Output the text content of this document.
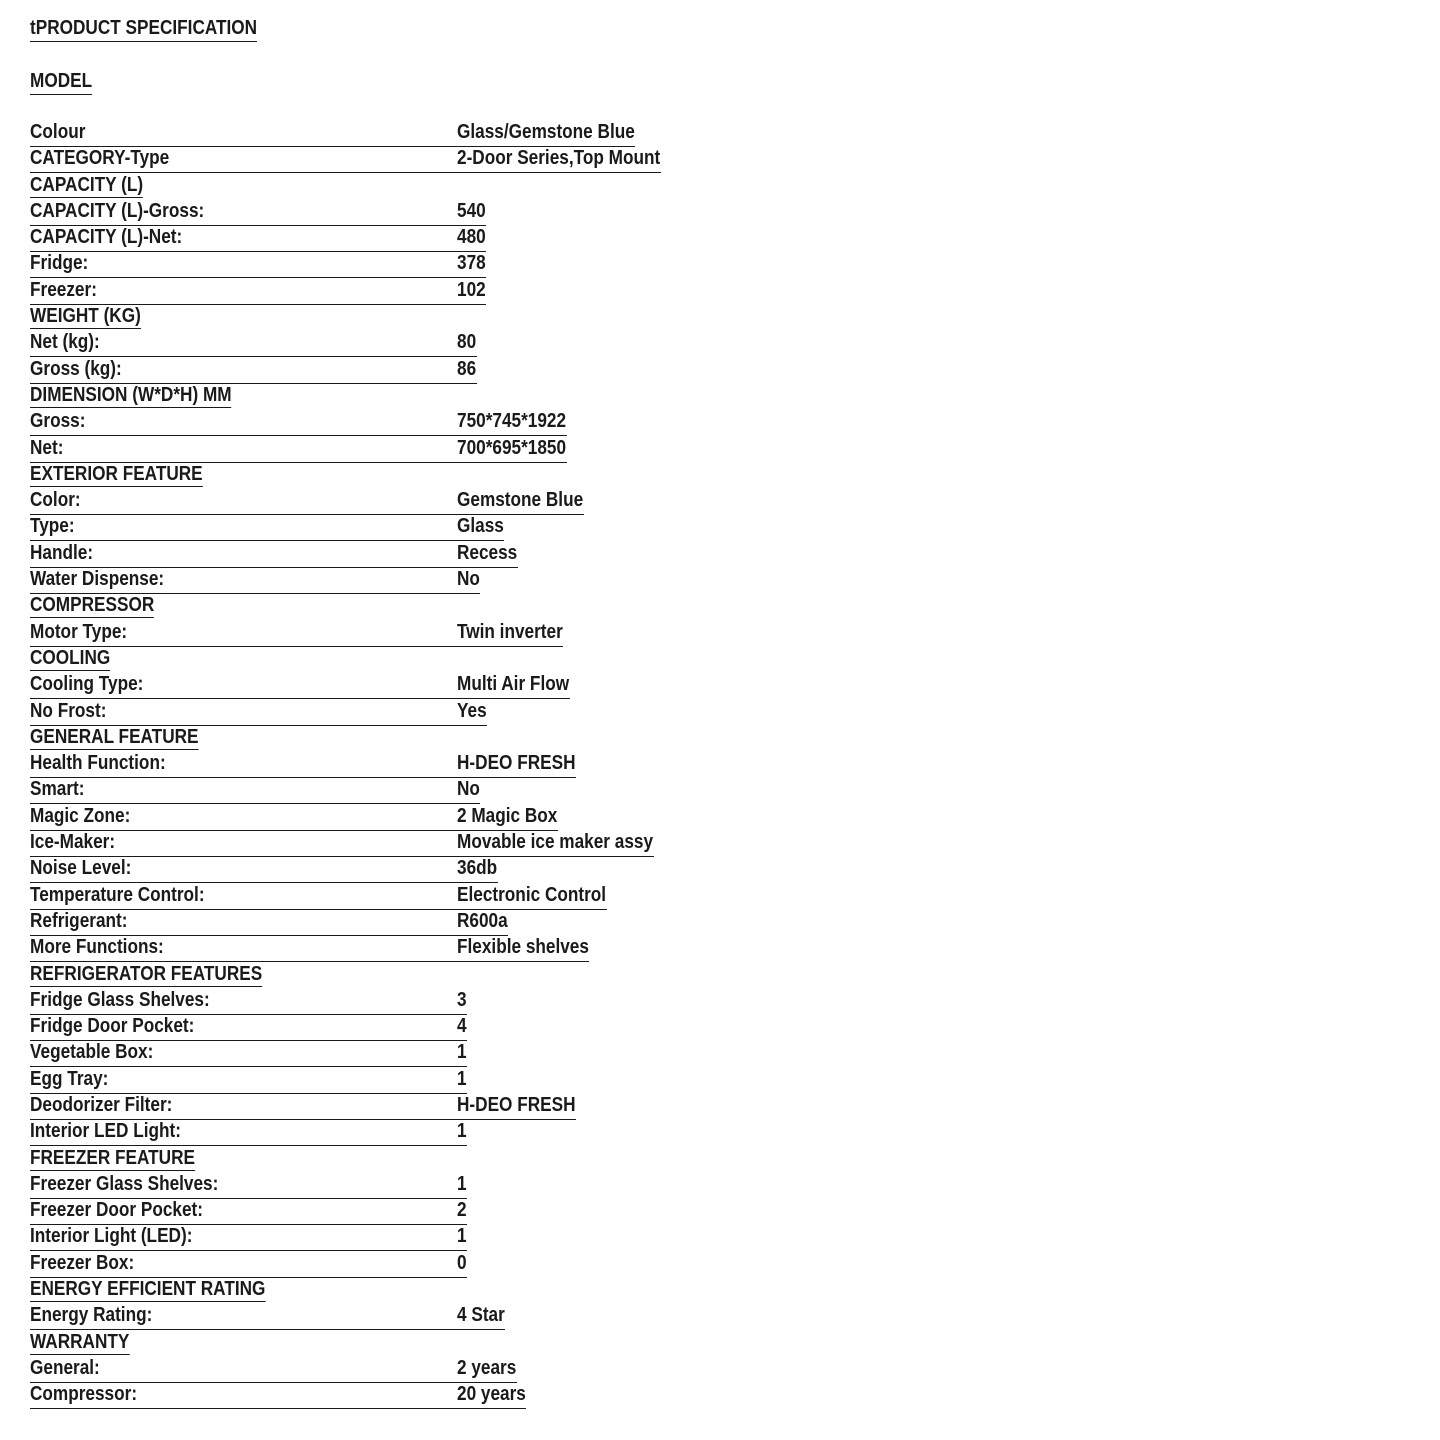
tPRODUCT SPECIFICATION
MODEL
Colour	Glass/Gemstone Blue
CATEGORY-Type	2-Door Series,Top Mount
CAPACITY (L)
CAPACITY (L)-Gross:	540
CAPACITY (L)-Net:	480
Fridge:	378
Freezer:	102
WEIGHT (KG)
Net (kg):	80
Gross (kg):	86
DIMENSION (W*D*H) MM
Gross:	750*745*1922
Net:	700*695*1850
EXTERIOR FEATURE
Color:	Gemstone Blue
Type:	Glass
Handle:	Recess
Water Dispense:	No
COMPRESSOR
Motor Type:	Twin inverter
COOLING
Cooling Type:	Multi Air Flow
No Frost:	Yes
GENERAL FEATURE
Health Function:	H-DEO FRESH
Smart:	No
Magic Zone:	2 Magic Box
Ice-Maker:	Movable ice maker assy
Noise Level:	36db
Temperature Control:	Electronic Control
Refrigerant:	R600a
More Functions:	Flexible shelves
REFRIGERATOR FEATURES
Fridge Glass Shelves:	3
Fridge Door Pocket:	4
Vegetable Box:	1
Egg Tray:	1
Deodorizer Filter:	H-DEO FRESH
Interior LED Light:	1
FREEZER FEATURE
Freezer Glass Shelves:	1
Freezer Door Pocket:	2
Interior Light (LED):	1
Freezer Box:	0
ENERGY EFFICIENT RATING
Energy Rating:	4 Star
WARRANTY
General:	2 years
Compressor:	20 years
